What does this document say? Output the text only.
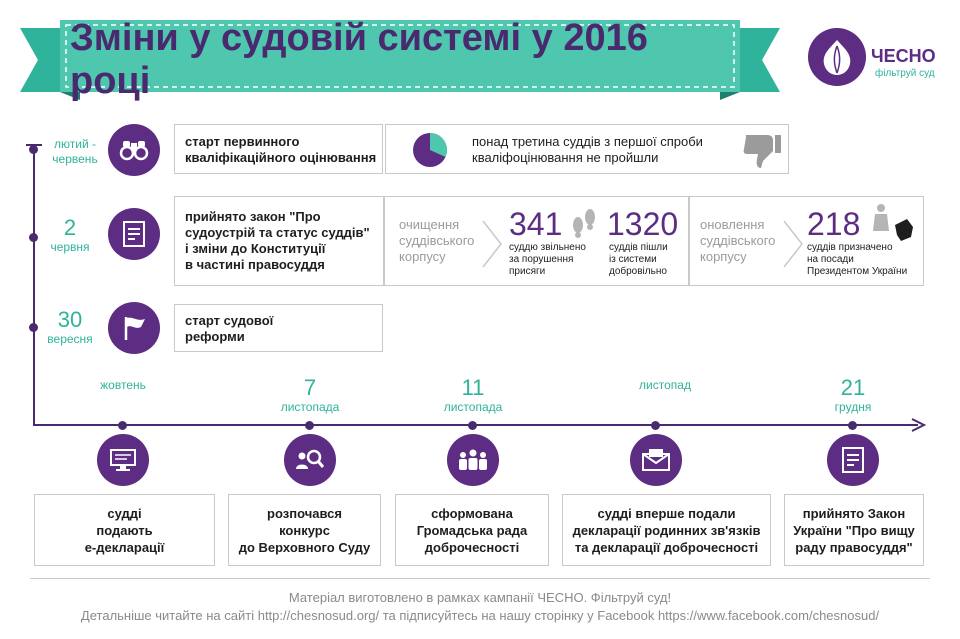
Зміни у судовій системі у 2016 році
ЧЕСНО
фільтруй суд
лютий -
червень
старт первинного
кваліфікаційного оцінювання
понад третина суддів з першої спроби
кваліфоцінювання не пройшли
2
червня
прийнято закон "Про
судоустрій та статус суддів"
і зміни до Конституції
в частині правосуддя
очищення
суддівського
корпусу
341
суддю звільнено
за порушення
присяги
1320
суддів пішли
із системи
добровільно
оновлення
суддівського
корпусу
218
суддів призначено
на посади
Президентом України
30
вересня
старт судової
реформи
жовтень	7
листопада
11
листопада
листопад	21
грудня
судді
подають
е-декларації
розпочався
конкурс
до Верховного Суду
сформована
Громадська рада
доброчесності
судді вперше подали
декларації родинних зв'язків
та декларації доброчесності
прийнято Закон
України "Про вищу
раду правосуддя"
Матеріал виготовлено в рамках кампанії ЧЕСНО. Фільтруй суд!
Детальніше читайте на сайті http://chesnosud.org/ та підписуйтесь на нашу сторінку у Facebook https://www.facebook.com/chesnosud/
